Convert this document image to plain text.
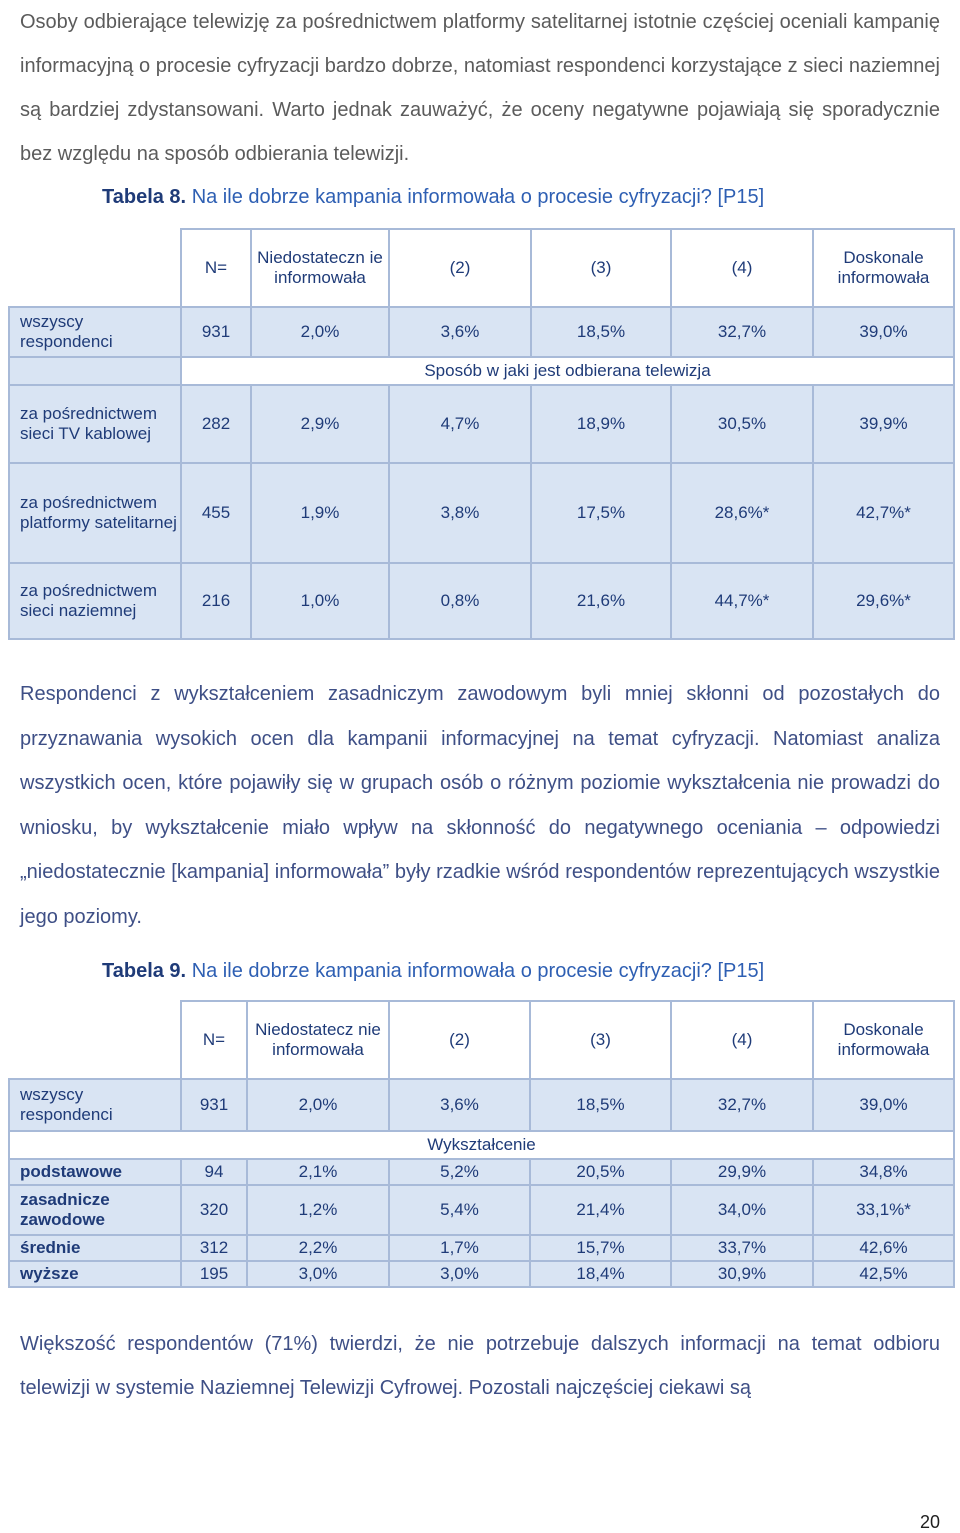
Osoby odbierające telewizję za pośrednictwem platformy satelitarnej istotnie częściej oceniali kampanię informacyjną o procesie cyfryzacji bardzo dobrze, natomiast respondenci korzystające z sieci naziemnej są bardziej zdystansowani. Warto jednak zauważyć, że oceny negatywne pojawiają się sporadycznie bez względu na sposób odbierania telewizji.

Tabela 8. Na ile dobrze kampania informowała o procesie cyfryzacji? [P15]
	N=	Niedostateczn ie informowała	(2)	(3)	(4)	Doskonale informowała
wszyscy respondenci	931	2,0%	3,6%	18,5%	32,7%	39,0%
	Sposób w jaki jest odbierana telewizja					
za pośrednictwem sieci TV kablowej	282	2,9%	4,7%	18,9%	30,5%	39,9%
za pośrednictwem platformy satelitarnej	455	1,9%	3,8%	17,5%	28,6%*	42,7%*
za pośrednictwem sieci naziemnej	216	1,0%	0,8%	21,6%	44,7%*	29,6%*

Respondenci z wykształceniem zasadniczym zawodowym byli mniej skłonni od pozostałych do przyznawania wysokich ocen dla kampanii informacyjnej na temat cyfryzacji. Natomiast analiza wszystkich ocen, które pojawiły się w grupach osób o różnym poziomie wykształcenia nie prowadzi do wniosku, by wykształcenie miało wpływ na skłonność do negatywnego oceniania – odpowiedzi „niedostatecznie [kampania] informowała” były rzadkie wśród respondentów reprezentujących wszystkie jego poziomy.

Tabela 9. Na ile dobrze kampania informowała o procesie cyfryzacji? [P15]
	N=	Niedostatecz nie informowała	(2)	(3)	(4)	Doskonale informowała
wszyscy respondenci	931	2,0%	3,6%	18,5%	32,7%	39,0%
Wykształcenie						
podstawowe	94	2,1%	5,2%	20,5%	29,9%	34,8%
zasadnicze zawodowe	320	1,2%	5,4%	21,4%	34,0%	33,1%*
średnie	312	2,2%	1,7%	15,7%	33,7%	42,6%
wyższe	195	3,0%	3,0%	18,4%	30,9%	42,5%

Większość respondentów (71%) twierdzi, że nie potrzebuje dalszych informacji na temat odbioru telewizji w systemie Naziemnej Telewizji Cyfrowej. Pozostali najczęściej ciekawi są

20
